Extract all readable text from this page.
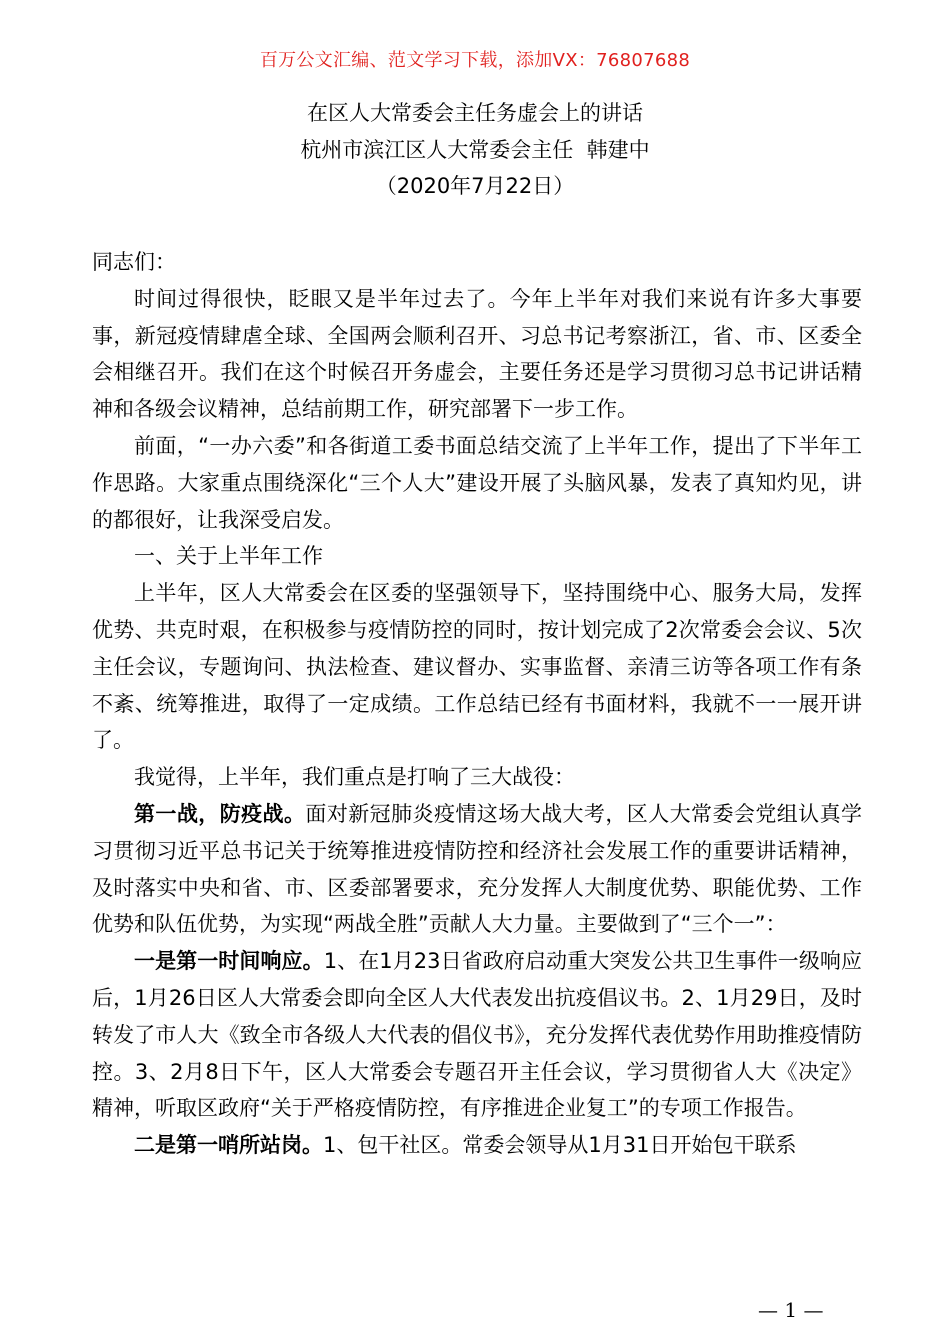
百万公文汇编、范文学习下载，添加VX：76807688
在区人大常委会主任务虚会上的讲话
杭州市滨江区人大常委会主任  韩建中
（2020年7月22日）

同志们：

时间过得很快，眨眼又是半年过去了。今年上半年对我们来说有许多大事要事，新冠疫情肆虐全球、全国两会顺利召开、习总书记考察浙江，省、市、区委全会相继召开。我们在这个时候召开务虚会，主要任务还是学习贯彻习总书记讲话精神和各级会议精神，总结前期工作，研究部署下一步工作。

前面，“一办六委”和各街道工委书面总结交流了上半年工作，提出了下半年工作思路。大家重点围绕深化“三个人大”建设开展了头脑风暴，发表了真知灼见，讲的都很好，让我深受启发。

一、关于上半年工作

上半年，区人大常委会在区委的坚强领导下，坚持围绕中心、服务大局，发挥优势、共克时艰，在积极参与疫情防控的同时，按计划完成了2次常委会会议、5次主任会议，专题询问、执法检查、建议督办、实事监督、亲清三访等各项工作有条不紊、统筹推进，取得了一定成绩。工作总结已经有书面材料，我就不一一展开讲了。

我觉得，上半年，我们重点是打响了三大战役：

第一战，防疫战。面对新冠肺炎疫情这场大战大考，区人大常委会党组认真学习贯彻习近平总书记关于统筹推进疫情防控和经济社会发展工作的重要讲话精神，及时落实中央和省、市、区委部署要求，充分发挥人大制度优势、职能优势、工作优势和队伍优势，为实现“两战全胜”贡献人大力量。主要做到了“三个一”：

一是第一时间响应。1、在1月23日省政府启动重大突发公共卫生事件一级响应后，1月26日区人大常委会即向全区人大代表发出抗疫倡议书。2、1月29日，及时转发了市人大《致全市各级人大代表的倡仪书》，充分发挥代表优势作用助推疫情防控。3、2月8日下午，区人大常委会专题召开主任会议，学习贯彻省人大《决定》精神，听取区政府“关于严格疫情防控，有序推进企业复工”的专项工作报告。

二是第一哨所站岗。1、包干社区。常委会领导从1月31日开始包干联系

— 1 —
